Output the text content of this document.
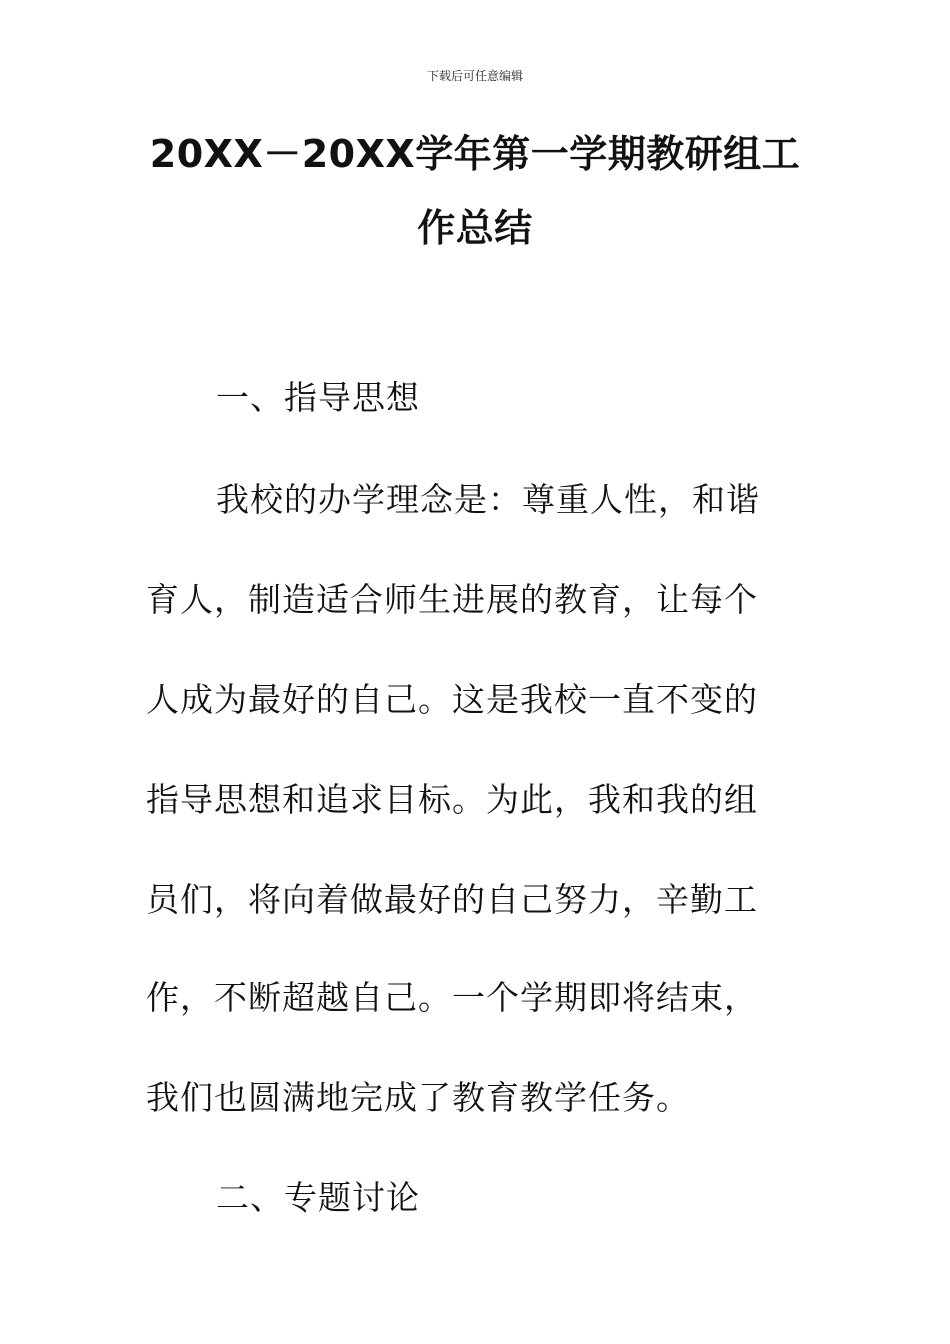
下载后可任意编辑
20XX－20XX学年第一学期教研组工
作总结
一、指导思想
我校的办学理念是：尊重人性，和谐
育人，制造适合师生进展的教育，让每个
人成为最好的自己。这是我校一直不变的
指导思想和追求目标。为此，我和我的组
员们，将向着做最好的自己努力，辛勤工
作，不断超越自己。一个学期即将结束，
我们也圆满地完成了教育教学任务。
二、专题讨论
